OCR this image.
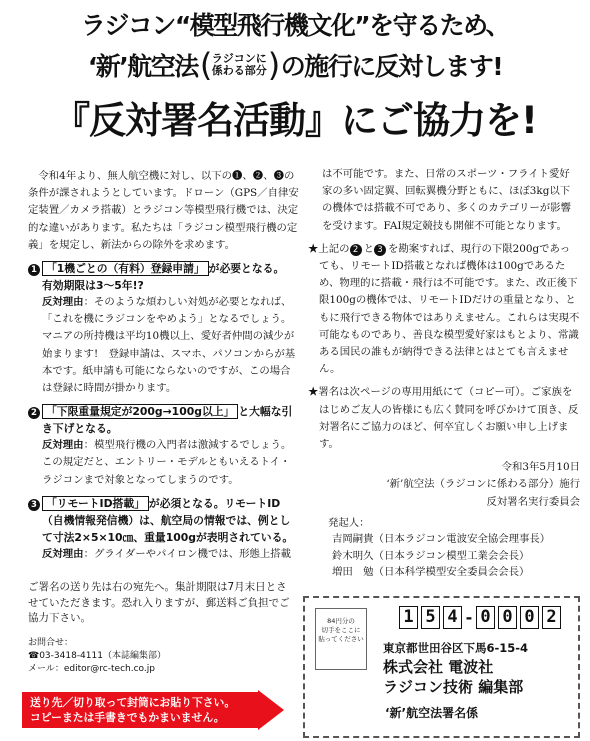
ラジコン“模型飛行機文化”を守るため、
‘新’航空法 ( ラジコンに
係わる部分 ) の施行に反対します!
『反対署名活動』にご協力を!

令和4年より、無人航空機に対し、以下の❶、❷、❸の条件が課されようとしています。ドローン（GPS／自律安定装置／カメラ搭載）とラジコン等模型飛行機では、決定的な違いがあります。私たちは「ラジコン模型飛行機の定義」を規定し、新法からの除外を求めます。

1 「1機ごとの（有料）登録申請」 が必要となる。
有効期限は3〜5年!?

反対理由：そのような煩わしい対処が必要となれば、「これを機にラジコンをやめよう」となるでしょう。マニアの所持機は平均10機以上、愛好者仲間の減少が始まります!　登録申請は、スマホ、パソコンからが基本です。紙申請も可能にならないのですが、この場合は登録に時間が掛かります。

2 「下限重量規定が200g→100g以上」 と大幅な引き下げとなる。

反対理由：模型飛行機の入門者は激減するでしょう。この規定だと、エントリー・モデルともいえるトイ・ラジコンまで対象となってしまうのです。

3 「リモートID搭載」 が必須となる。リモートID（自機情報発信機）は、航空局の情報では、例として寸法2×5×10㎝、重量100gが表明されている。

反対理由：グライダーやパイロン機では、形態上搭載

は不可能です。また、日常のスポーツ・フライト愛好家の多い固定翼、回転翼機分野ともに、ほぼ3kg以下の機体では搭載不可であり、多くのカテゴリーが影響を受けます。FAI規定競技も開催不可能となります。

★上記の 2 と 3 を勘案すれば、現行の下限200gであっても、リモートID搭載となれば機体は100gであるため、物理的に搭載・飛行は不可能です。また、改正後下限100gの機体では、リモートIDだけの重量となり、ともに飛行できる物体ではありえません。これらは実現不可能なものであり、善良な模型愛好家はもとより、常識ある国民の誰もが納得できる法律とはとても言えません。

★署名は次ページの専用用紙にて（コピー可）。ご家族をはじめご友人の皆様にも広く賛同を呼びかけて頂き、反対署名にご協力のほど、何卒宜しくお願い申し上げます。

令和3年5月10日
‘新’航空法（ラジコンに係わる部分）施行
反対署名実行委員会
発起人：
吉岡嗣貴（日本ラジコン電波安全協会理事長）
鈴木明久（日本ラジコン模型工業会会長）
増田　勉（日本科学模型安全委員会会長）

ご署名の送り先は右の宛先へ。集計期限は7月末日とさせていただきます。恐れ入りますが、郵送料ご負担でご協力下さい。

お問合せ：
☎03-3418-4111（本誌編集部）
メール：editor@rc-tech.co.jp
送り先／切り取って封筒にお貼り下さい。
コピーまたは手書きでもかまいません。
84円分の
切手をここに
貼ってください
1 5 4 - 0 0 0 2
東京都世田谷区下馬6-15-4
株式会社 電波社
ラジコン技術 編集部
‘新’航空法署名係
